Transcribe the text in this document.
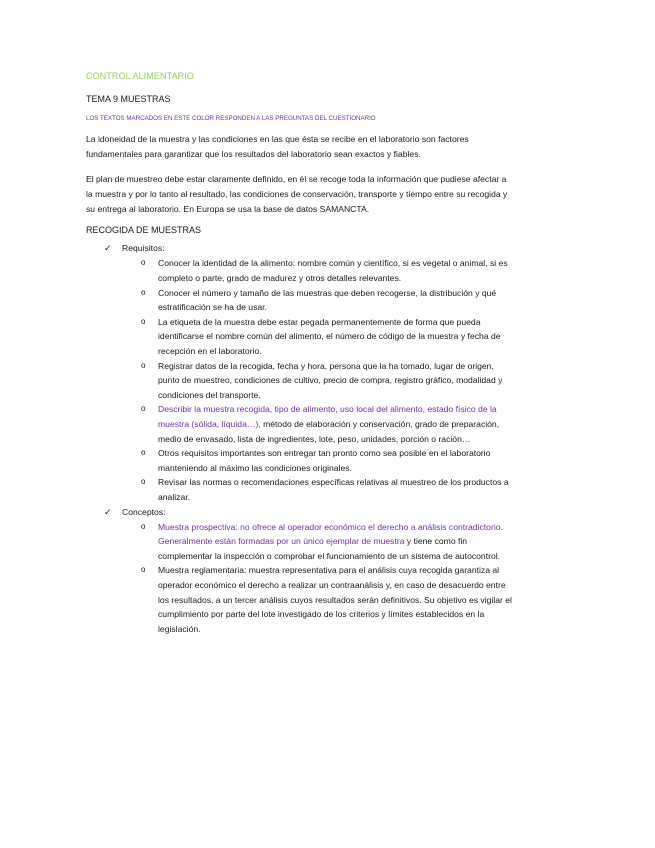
CONTROL ALIMENTARIO
TEMA 9 MUESTRAS
LOS TEXTOS MARCADOS EN ESTE COLOR RESPONDEN A LAS PREGUNTAS DEL CUESTIONARIO

La idoneidad de la muestra y las condiciones en las que ésta se recibe en el laboratorio son factores fundamentales para garantizar que los resultados del laboratorio sean exactos y fiables.

El plan de muestreo debe estar claramente definido, en él se recoge toda la información que pudiese afectar a la muestra y por lo tanto al resultado, las condiciones de conservación, transporte y tiempo entre su recogida y su entrega al laboratorio. En Europa se usa la base de datos SAMANCTA.

RECOGIDA DE MUESTRAS
✓ Requisitos:
o Conocer la identidad de la alimento: nombre común y científico, si es vegetal o animal, si es completo o parte, grado de madurez y otros detalles relevantes.
o Conocer el número y tamaño de las muestras que deben recogerse, la distribución y qué estratificación se ha de usar.
o La etiqueta de la muestra debe estar pegada permanentemente de forma que pueda identificarse el nombre común del alimento, el número de código de la muestra y fecha de recepción en el laboratorio.
o Registrar datos de la recogida, fecha y hora, persona que la ha tomado, lugar de origen, punto de muestreo, condiciones de cultivo, precio de compra, registro gráfico, modalidad y condiciones del transporte.
o Describir la muestra recogida, tipo de alimento, uso local del alimento, estado físico de la muestra (sólida, líquida…), método de elaboración y conservación, grado de preparación, medio de envasado, lista de ingredientes, lote, peso, unidades, porción o ración…
o Otros requisitos importantes son entregar tan pronto como sea posible en el laboratorio manteniendo al máximo las condiciones originales.
o Revisar las normas o recomendaciones específicas relativas al muestreo de los productos a analizar.
✓ Conceptos:
o Muestra prospectiva: no ofrece al operador económico el derecho a análisis contradictorio. Generalmente están formadas por un único ejemplar de muestra y tiene como fin complementar la inspección o comprobar el funcionamiento de un sistema de autocontrol.
o Muestra reglamentaria: muestra representativa para el análisis cuya recogida garantiza al operador económico el derecho a realizar un contraanálisis y, en caso de desacuerdo entre los resultados, a un tercer análisis cuyos resultados serán definitivos. Su objetivo es vigilar el cumplimiento por parte del lote investigado de los criterios y límites establecidos en la legislación.
